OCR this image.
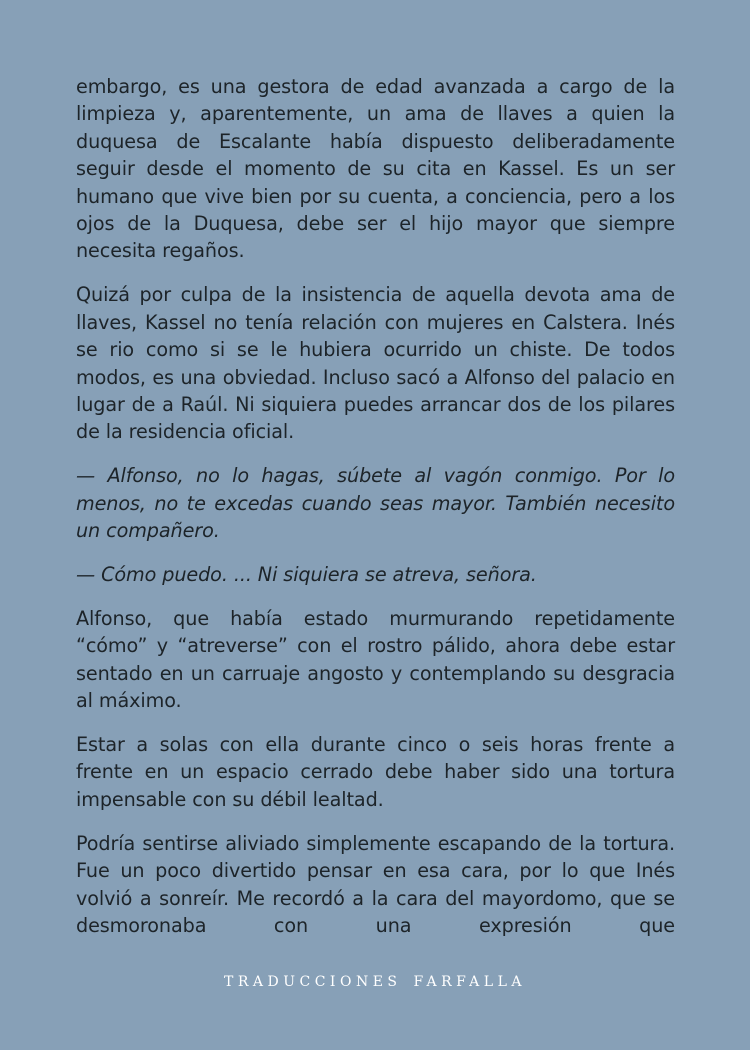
embargo, es una gestora de edad avanzada a cargo de la limpieza y, aparentemente, un ama de llaves a quien la duquesa de Escalante había dispuesto deliberadamente seguir desde el momento de su cita en Kassel. Es un ser humano que vive bien por su cuenta, a conciencia, pero a los ojos de la Duquesa, debe ser el hijo mayor que siempre necesita regaños.

Quizá por culpa de la insistencia de aquella devota ama de llaves, Kassel no tenía relación con mujeres en Calstera. Inés se rio como si se le hubiera ocurrido un chiste. De todos modos, es una obviedad. Incluso sacó a Alfonso del palacio en lugar de a Raúl. Ni siquiera puedes arrancar dos de los pilares de la residencia oficial.

— Alfonso, no lo hagas, súbete al vagón conmigo. Por lo menos, no te excedas cuando seas mayor. También necesito un compañero.

— Cómo puedo. ... Ni siquiera se atreva, señora.

Alfonso, que había estado murmurando repetidamente “cómo” y “atreverse” con el rostro pálido, ahora debe estar sentado en un carruaje angosto y contemplando su desgracia al máximo.

Estar a solas con ella durante cinco o seis horas frente a frente en un espacio cerrado debe haber sido una tortura impensable con su débil lealtad.

Podría sentirse aliviado simplemente escapando de la tortura. Fue un poco divertido pensar en esa cara, por lo que Inés volvió a sonreír. Me recordó a la cara del mayordomo, que se desmoronaba con una expresión que

TRADUCCIONES FARFALLA
